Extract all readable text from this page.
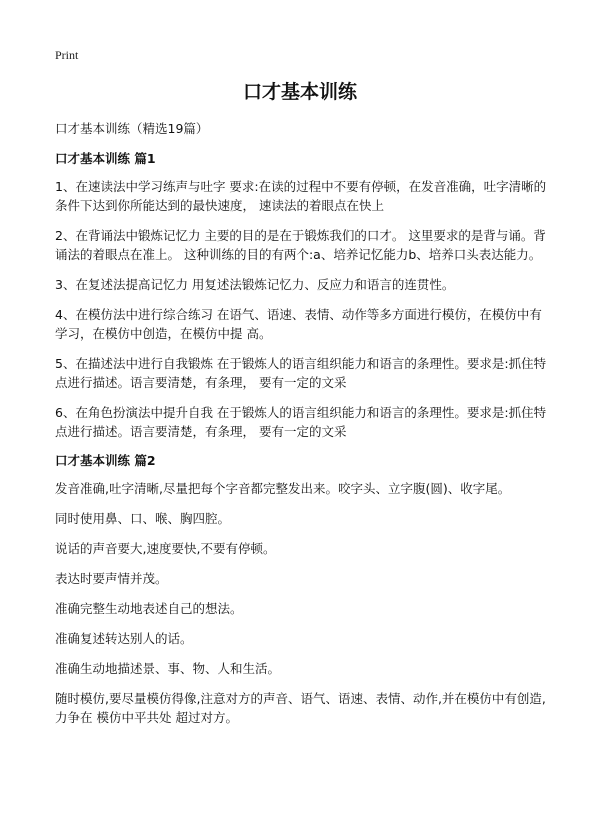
Print
口才基本训练

口才基本训练（精选19篇）

口才基本训练 篇1

1、在速读法中学习练声与吐字 要求:在读的过程中不要有停顿，在发音准确，吐字清晰的条件下达到你所能达到的最快速度， 速读法的着眼点在快上

2、在背诵法中锻炼记忆力 主要的目的是在于锻炼我们的口才。 这里要求的是背与诵。背诵法的着眼点在准上。 这种训练的目的有两个:a、培养记忆能力b、培养口头表达能力。

3、在复述法提高记忆力 用复述法锻炼记忆力、反应力和语言的连贯性。

4、在模仿法中进行综合练习 在语气、语速、表情、动作等多方面进行模仿，在模仿中有学习，在模仿中创造，在模仿中提 高。

5、在描述法中进行自我锻炼 在于锻炼人的语言组织能力和语言的条理性。要求是:抓住特点进行描述。语言要清楚，有条理， 要有一定的文采

6、在角色扮演法中提升自我 在于锻炼人的语言组织能力和语言的条理性。要求是:抓住特点进行描述。语言要清楚，有条理， 要有一定的文采

口才基本训练 篇2

发音准确,吐字清晰,尽量把每个字音都完整发出来。咬字头、立字腹(圆)、收字尾。

同时使用鼻、口、喉、胸四腔。

说话的声音要大,速度要快,不要有停顿。

表达时要声情并茂。

准确完整生动地表述自己的想法。

准确复述转达别人的话。

准确生动地描述景、事、物、人和生活。

随时模仿,要尽量模仿得像,注意对方的声音、语气、语速、表情、动作,并在模仿中有创造,力争在 模仿中平共处 超过对方。
